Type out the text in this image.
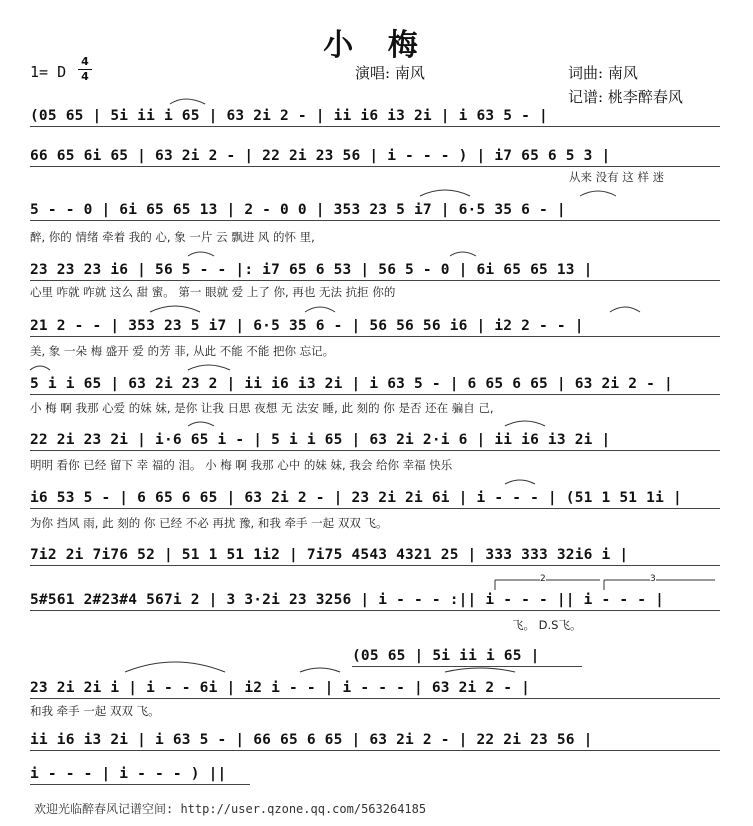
小 梅
1= D
4
4	演唱: 南风	词曲: 南风
记谱: 桃李醉春风
(05 65 | 5i ii i 65 | 63 2i 2 - | ii i6 i3 2i | i 63 5 - |
66 65 6i 65 | 63 2i 2 - | 22 2i 23 56 | i - - - ) | i7 65 6 5 3 |
从来 没有 这 样 迷
5 - - 0 | 6i 65 65 13 | 2 - 0 0 | 353 23 5 i7 | 6·5 35 6 - |
醉, 你的 情绪 牵着 我的 心, 象 一片 云 飘进 风 的怀 里,
23 23 23 i6 | 56 5 - - |: i7 65 6 53 | 56 5 - 0 | 6i 65 65 13 |
心里 咋就 咋就 这么 甜 蜜。 第一 眼就 爱 上了 你, 再也 无法 抗拒 你的
21 2 - - | 353 23 5 i7 | 6·5 35 6 - | 56 56 56 i6 | i2 2 - - |
美, 象 一朵 梅 盛开 爱 的芳 菲, 从此 不能 不能 把你 忘记。
5 i i 65 | 63 2i 23 2 | ii i6 i3 2i | i 63 5 - | 6 65 6 65 | 63 2i 2 - |
小 梅 啊 我那 心爱 的妹 妹, 是你 让我 日思 夜想 无 法安 睡, 此 刻的 你 是否 还在 骗自 己,
22 2i 23 2i | i·6 65 i - | 5 i i 65 | 63 2i 2·i 6 | ii i6 i3 2i |
明明 看你 已经 留下 幸 福的 泪。 小 梅 啊 我那 心中 的妹 妹, 我会 给你 幸福 快乐
i6 53 5 - | 6 65 6 65 | 63 2i 2 - | 23 2i 2i 6i | i - - - | (51 1 51 1i |
为你 挡风 雨, 此 刻的 你 已经 不必 再扰 豫, 和我 牵手 一起 双双 飞。
7i2 2i 7i76 52 | 51 1 51 1i2 | 7i75 4543 4321 25 | 333 333 32i6 i |
5#561 2#23#4 567i 2 | 3 3·2i 23 3256 | i - - - :|| i - - - || i - - - |
飞。 D.S飞。
(05 65 | 5i ii i 65 |
23 2i 2i i | i - - 6i | i2 i - - | i - - - | 63 2i 2 - |
和我 牵手 一起 双双 飞。
ii i6 i3 2i | i 63 5 - | 66 65 6 65 | 63 2i 2 - | 22 2i 23 56 |
i - - - | i - - - ) ||
2	3
欢迎光临醉春风记谱空间: http://user.qzone.qq.com/563264185
